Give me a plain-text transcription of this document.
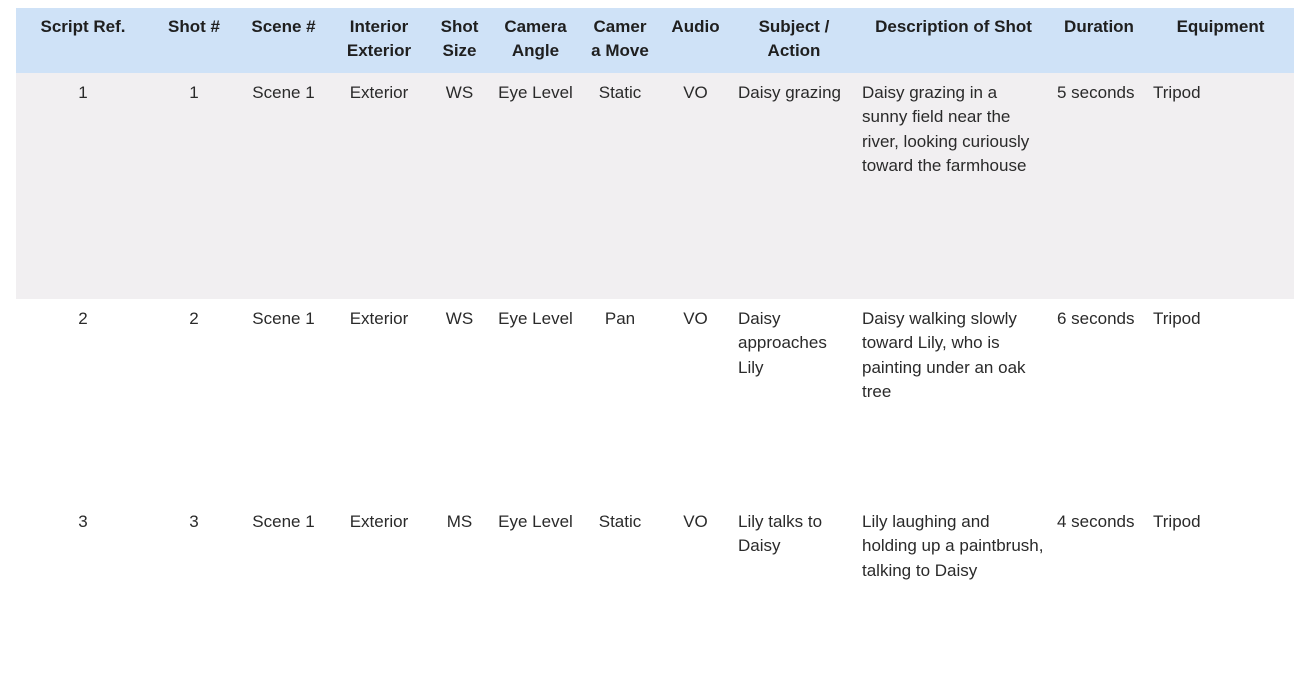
Script Ref.	Shot #	Scene #	Interior Exterior	Shot Size	Camera Angle	Camer a Move	Audio	Subject / Action	Description of Shot	Duration	Equipment
1	1	Scene 1	Exterior	WS	Eye Level	Static	VO	Daisy grazing	Daisy grazing in a sunny field near the river, looking curiously toward the farmhouse	5 seconds	Tripod
2	2	Scene 1	Exterior	WS	Eye Level	Pan	VO	Daisy approaches Lily	Daisy walking slowly toward Lily, who is painting under an oak tree	6 seconds	Tripod
3	3	Scene 1	Exterior	MS	Eye Level	Static	VO	Lily talks to Daisy	Lily laughing and holding up a paintbrush, talking to Daisy	4 seconds	Tripod
